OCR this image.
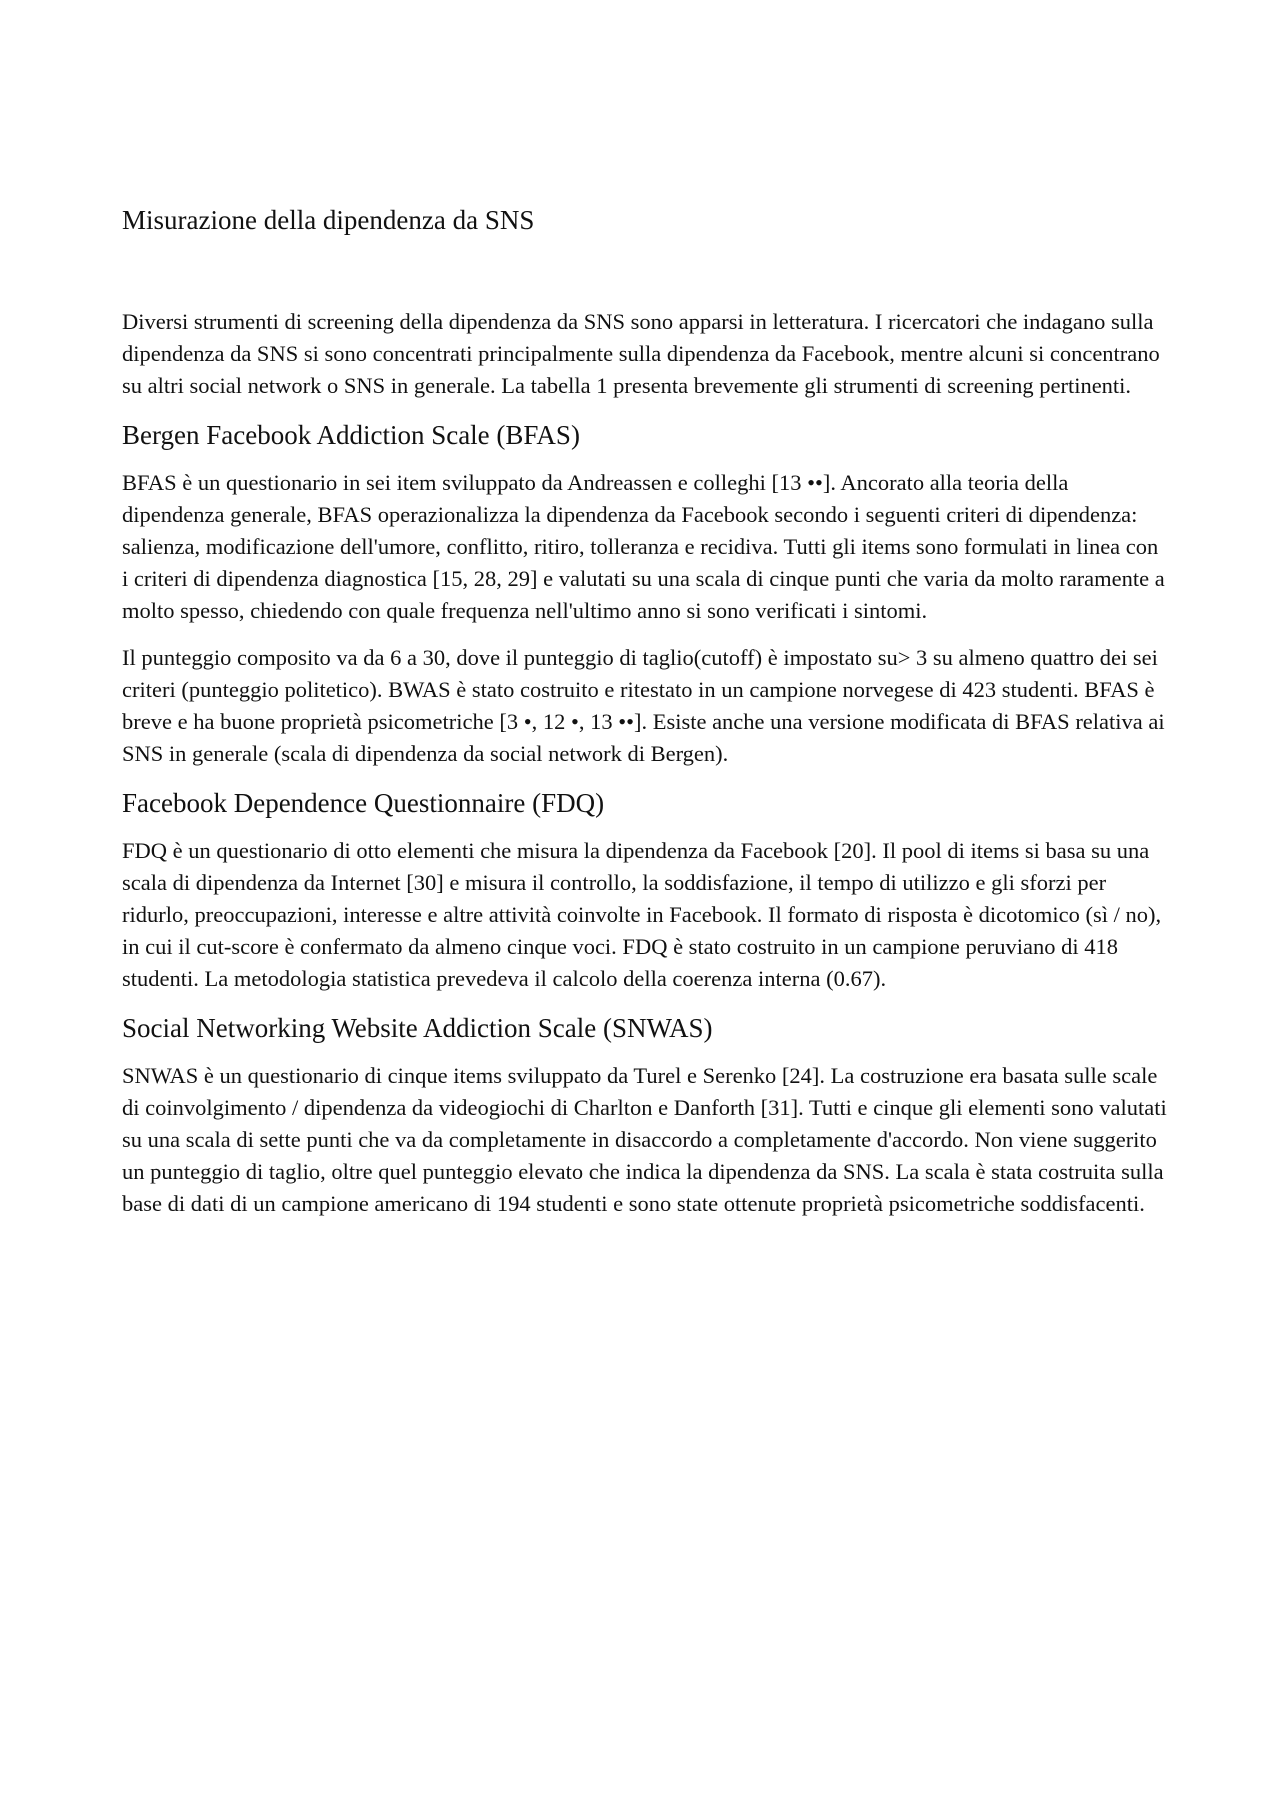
Misurazione della dipendenza da SNS

Diversi strumenti di screening della dipendenza da SNS sono apparsi in letteratura. I ricercatori che indagano sulla dipendenza da SNS si sono concentrati principalmente sulla dipendenza da Facebook, mentre alcuni si concentrano su altri social network o SNS in generale. La tabella 1 presenta brevemente gli strumenti di screening pertinenti.

Bergen Facebook Addiction Scale (BFAS)

BFAS è un questionario in sei item sviluppato da Andreassen e colleghi [13 ••]. Ancorato alla teoria della dipendenza generale, BFAS operazionalizza la dipendenza da Facebook secondo i seguenti criteri di dipendenza: salienza, modificazione dell'umore, conflitto, ritiro, tolleranza e recidiva. Tutti gli items sono formulati in linea con i criteri di dipendenza diagnostica [15, 28, 29] e valutati su una scala di cinque punti che varia da molto raramente a molto spesso, chiedendo con quale frequenza nell'ultimo anno si sono verificati i sintomi.

Il punteggio composito va da 6 a 30, dove il punteggio di taglio(cutoff) è impostato su> 3 su almeno quattro dei sei criteri (punteggio politetico). BWAS è stato costruito e ritestato in un campione norvegese di 423 studenti. BFAS è breve e ha buone proprietà psicometriche [3 •, 12 •, 13 ••]. Esiste anche una versione modificata di BFAS relativa ai SNS in generale (scala di dipendenza da social network di Bergen).

Facebook Dependence Questionnaire (FDQ)

FDQ è un questionario di otto elementi che misura la dipendenza da Facebook [20]. Il pool di items si basa su una scala di dipendenza da Internet [30] e misura il controllo, la soddisfazione, il tempo di utilizzo e gli sforzi per ridurlo, preoccupazioni, interesse e altre attività coinvolte in Facebook. Il formato di risposta è dicotomico (sì / no), in cui il cut-score è confermato da almeno cinque voci. FDQ è stato costruito in un campione peruviano di 418 studenti. La metodologia statistica prevedeva il calcolo della coerenza interna (0.67).

Social Networking Website Addiction Scale (SNWAS)

SNWAS è un questionario di cinque items sviluppato da Turel e Serenko [24]. La costruzione era basata sulle scale di coinvolgimento / dipendenza da videogiochi di Charlton e Danforth [31]. Tutti e cinque gli elementi sono valutati su una scala di sette punti che va da completamente in disaccordo a completamente d'accordo. Non viene suggerito un punteggio di taglio, oltre quel punteggio elevato che indica la dipendenza da SNS. La scala è stata costruita sulla base di dati di un campione americano di 194 studenti e sono state ottenute proprietà psicometriche soddisfacenti.
